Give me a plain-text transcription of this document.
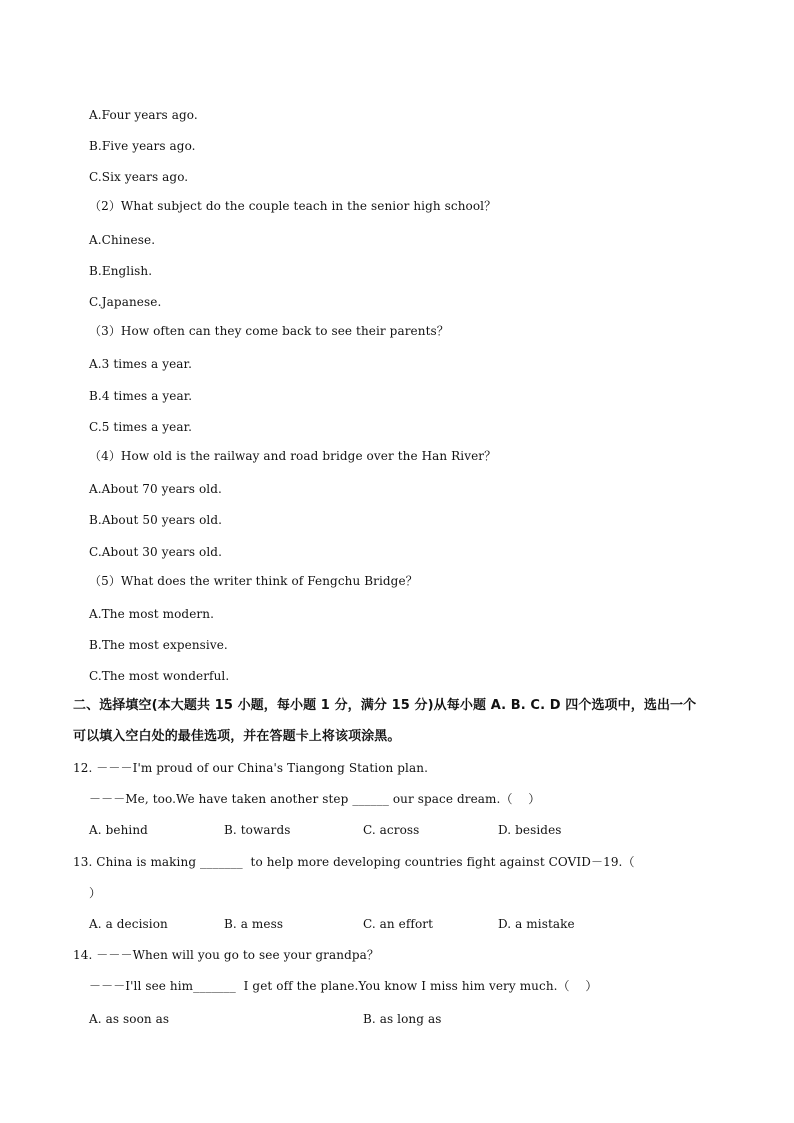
A.Four years ago.
B.Five years ago.
C.Six years ago.
（2）What subject do the couple teach in the senior high school？
A.Chinese.
B.English.
C.Japanese.
（3）How often can they come back to see their parents？
A.3 times a year.
B.4 times a year.
C.5 times a year.
（4）How old is the railway and road bridge over the Han River？
A.About 70 years old.
B.About 50 years old.
C.About 30 years old.
（5）What does the writer think of Fengchu Bridge？
A.The most modern.
B.The most expensive.
C.The most wonderful.
二、选择填空(本大题共 15 小题，每小题 1 分，满分 15 分)从每小题 A. B. C. D 四个选项中，选出一个
可以填入空白处的最佳选项，并在答题卡上将该项涂黑。
12. －－－I'm proud of our China's Tiangong Station plan.
－－－Me, too.We have taken another step ______ our space dream.（    ）
A. behind	B. towards	C. across	D. besides
13. China is making _______  to help more developing countries fight against COVID－19.（
）
A. a decision	B. a mess	C. an effort	D. a mistake
14. －－－When will you go to see your grandpa？
－－－I'll see him_______  I get off the plane.You know I miss him very much.（    ）
A. as soon as	B. as long as
